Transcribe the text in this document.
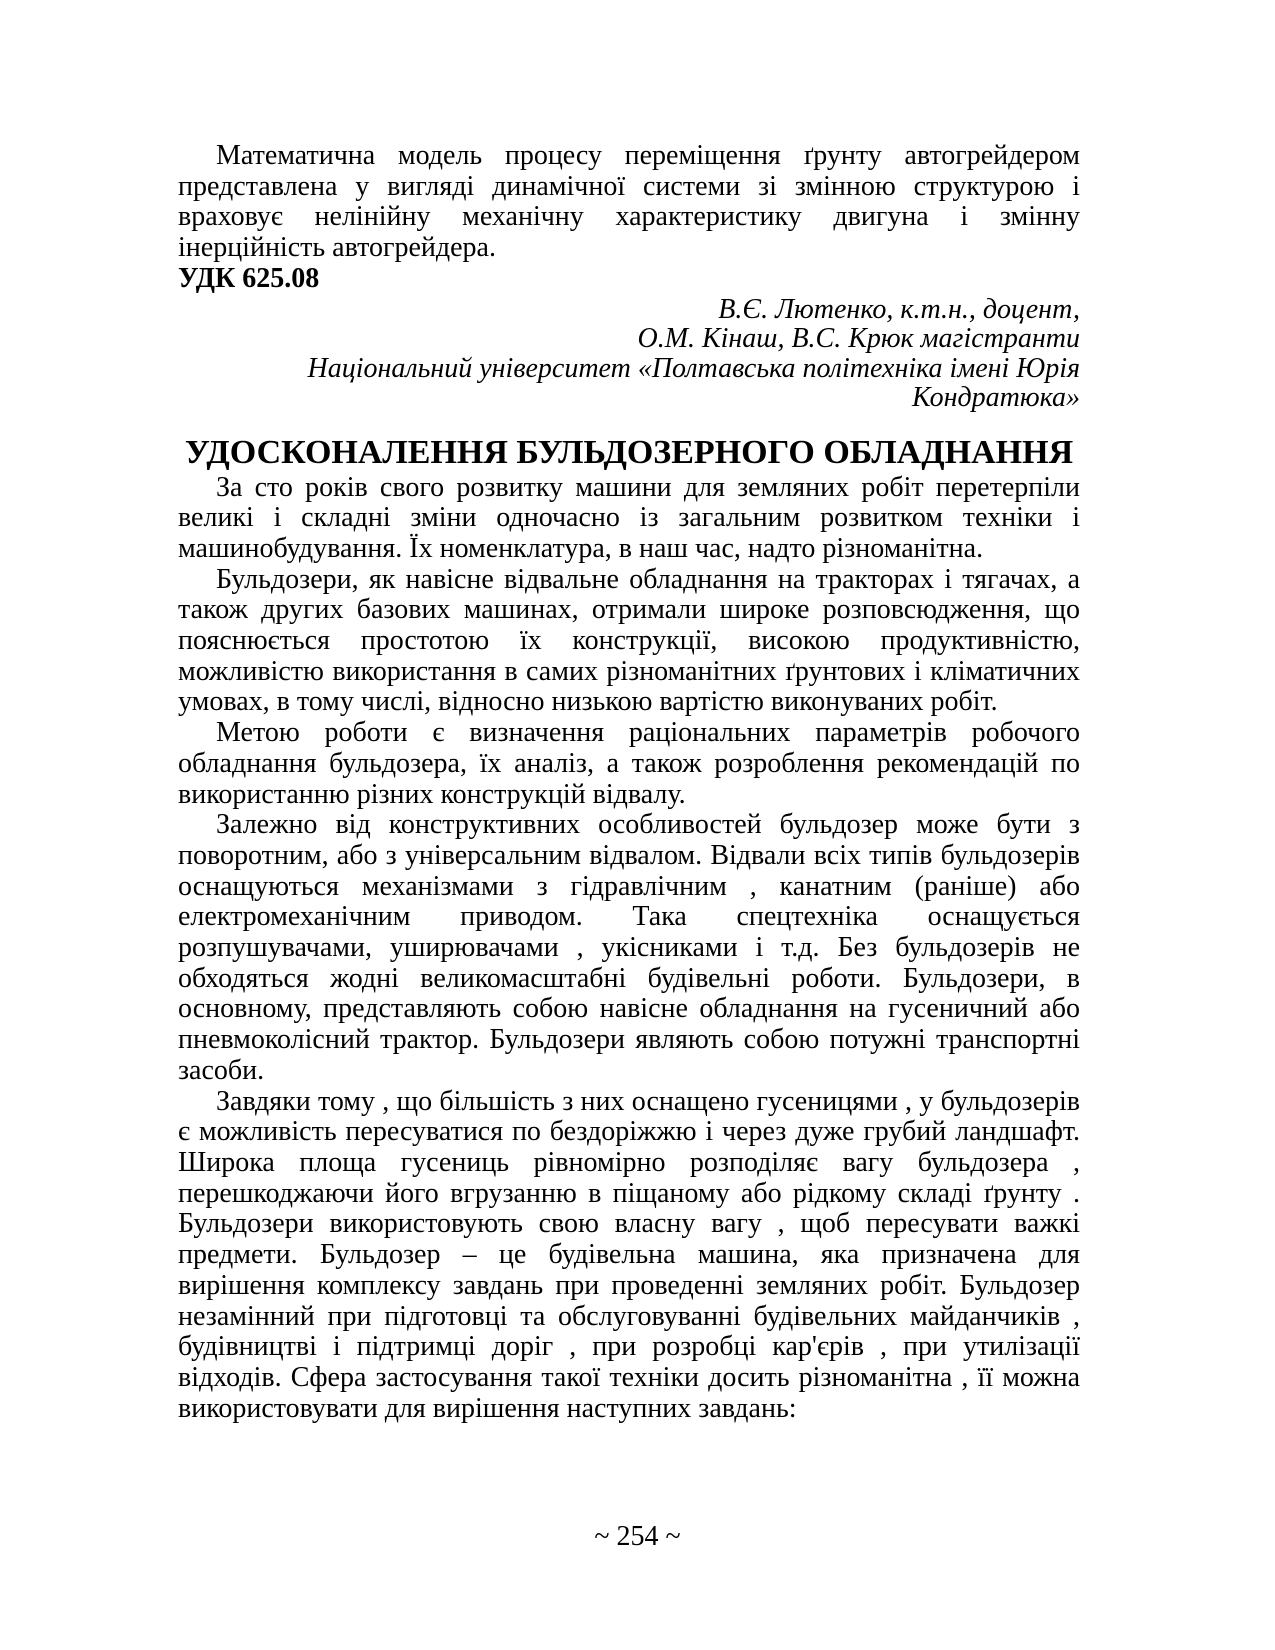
Математична модель процесу переміщення ґрунту автогрейдером представлена у вигляді динамічної системи зі змінною структурою і враховує нелінійну механічну характеристику двигуна і змінну інерційність автогрейдера.

УДК 625.08
В.Є. Лютенко, к.т.н., доцент,
О.М. Кінаш, В.С. Крюк магістранти
Національний університет «Полтавська політехніка імені Юрія Кондратюка»
УДОСКОНАЛЕННЯ БУЛЬДОЗЕРНОГО ОБЛАДНАННЯ

За сто років свого розвитку машини для земляних робіт перетерпіли великі і складні зміни одночасно із загальним розвитком техніки і машинобудування. Їх номенклатура, в наш час, надто різноманітна.

Бульдозери, як навісне відвальне обладнання на тракторах і тягачах, а також других базових машинах, отримали широке розповсюдження, що пояснюється простотою їх конструкції, високою продуктивністю, можливістю використання в самих різноманітних ґрунтових і кліматичних умовах, в тому числі, відносно низькою вартістю виконуваних робіт.

Метою роботи є визначення раціональних параметрів робочого обладнання бульдозера, їх аналіз, а також розроблення рекомендацій по використанню різних конструкцій відвалу.

Залежно від конструктивних особливостей бульдозер може бути з поворотним, або з універсальним відвалом. Відвали всіх типів бульдозерів оснащуються механізмами з гідравлічним , канатним (раніше) або електромеханічним приводом. Така спецтехніка оснащується розпушувачами, уширювачами , укісниками і т.д. Без бульдозерів не обходяться жодні великомасштабні будівельні роботи. Бульдозери, в основному, представляють собою навісне обладнання на гусеничний або пневмоколісний трактор. Бульдозери являють собою потужні транспортні засоби.

Завдяки тому , що більшість з них оснащено гусеницями , у бульдозерів є можливість пересуватися по бездоріжжю і через дуже грубий ландшафт. Широка площа гусениць рівномірно розподіляє вагу бульдозера , перешкоджаючи його вгрузанню в піщаному або рідкому складі ґрунту . Бульдозери використовують свою власну вагу , щоб пересувати важкі предмети. Бульдозер – це будівельна машина, яка призначена для вирішення комплексу завдань при проведенні земляних робіт. Бульдозер незамінний при підготовці та обслуговуванні будівельних майданчиків , будівництві і підтримці доріг , при розробці кар'єрів , при утилізації відходів. Сфера застосування такої техніки досить різноманітна , її можна використовувати для вирішення наступних завдань:

~ 254 ~
